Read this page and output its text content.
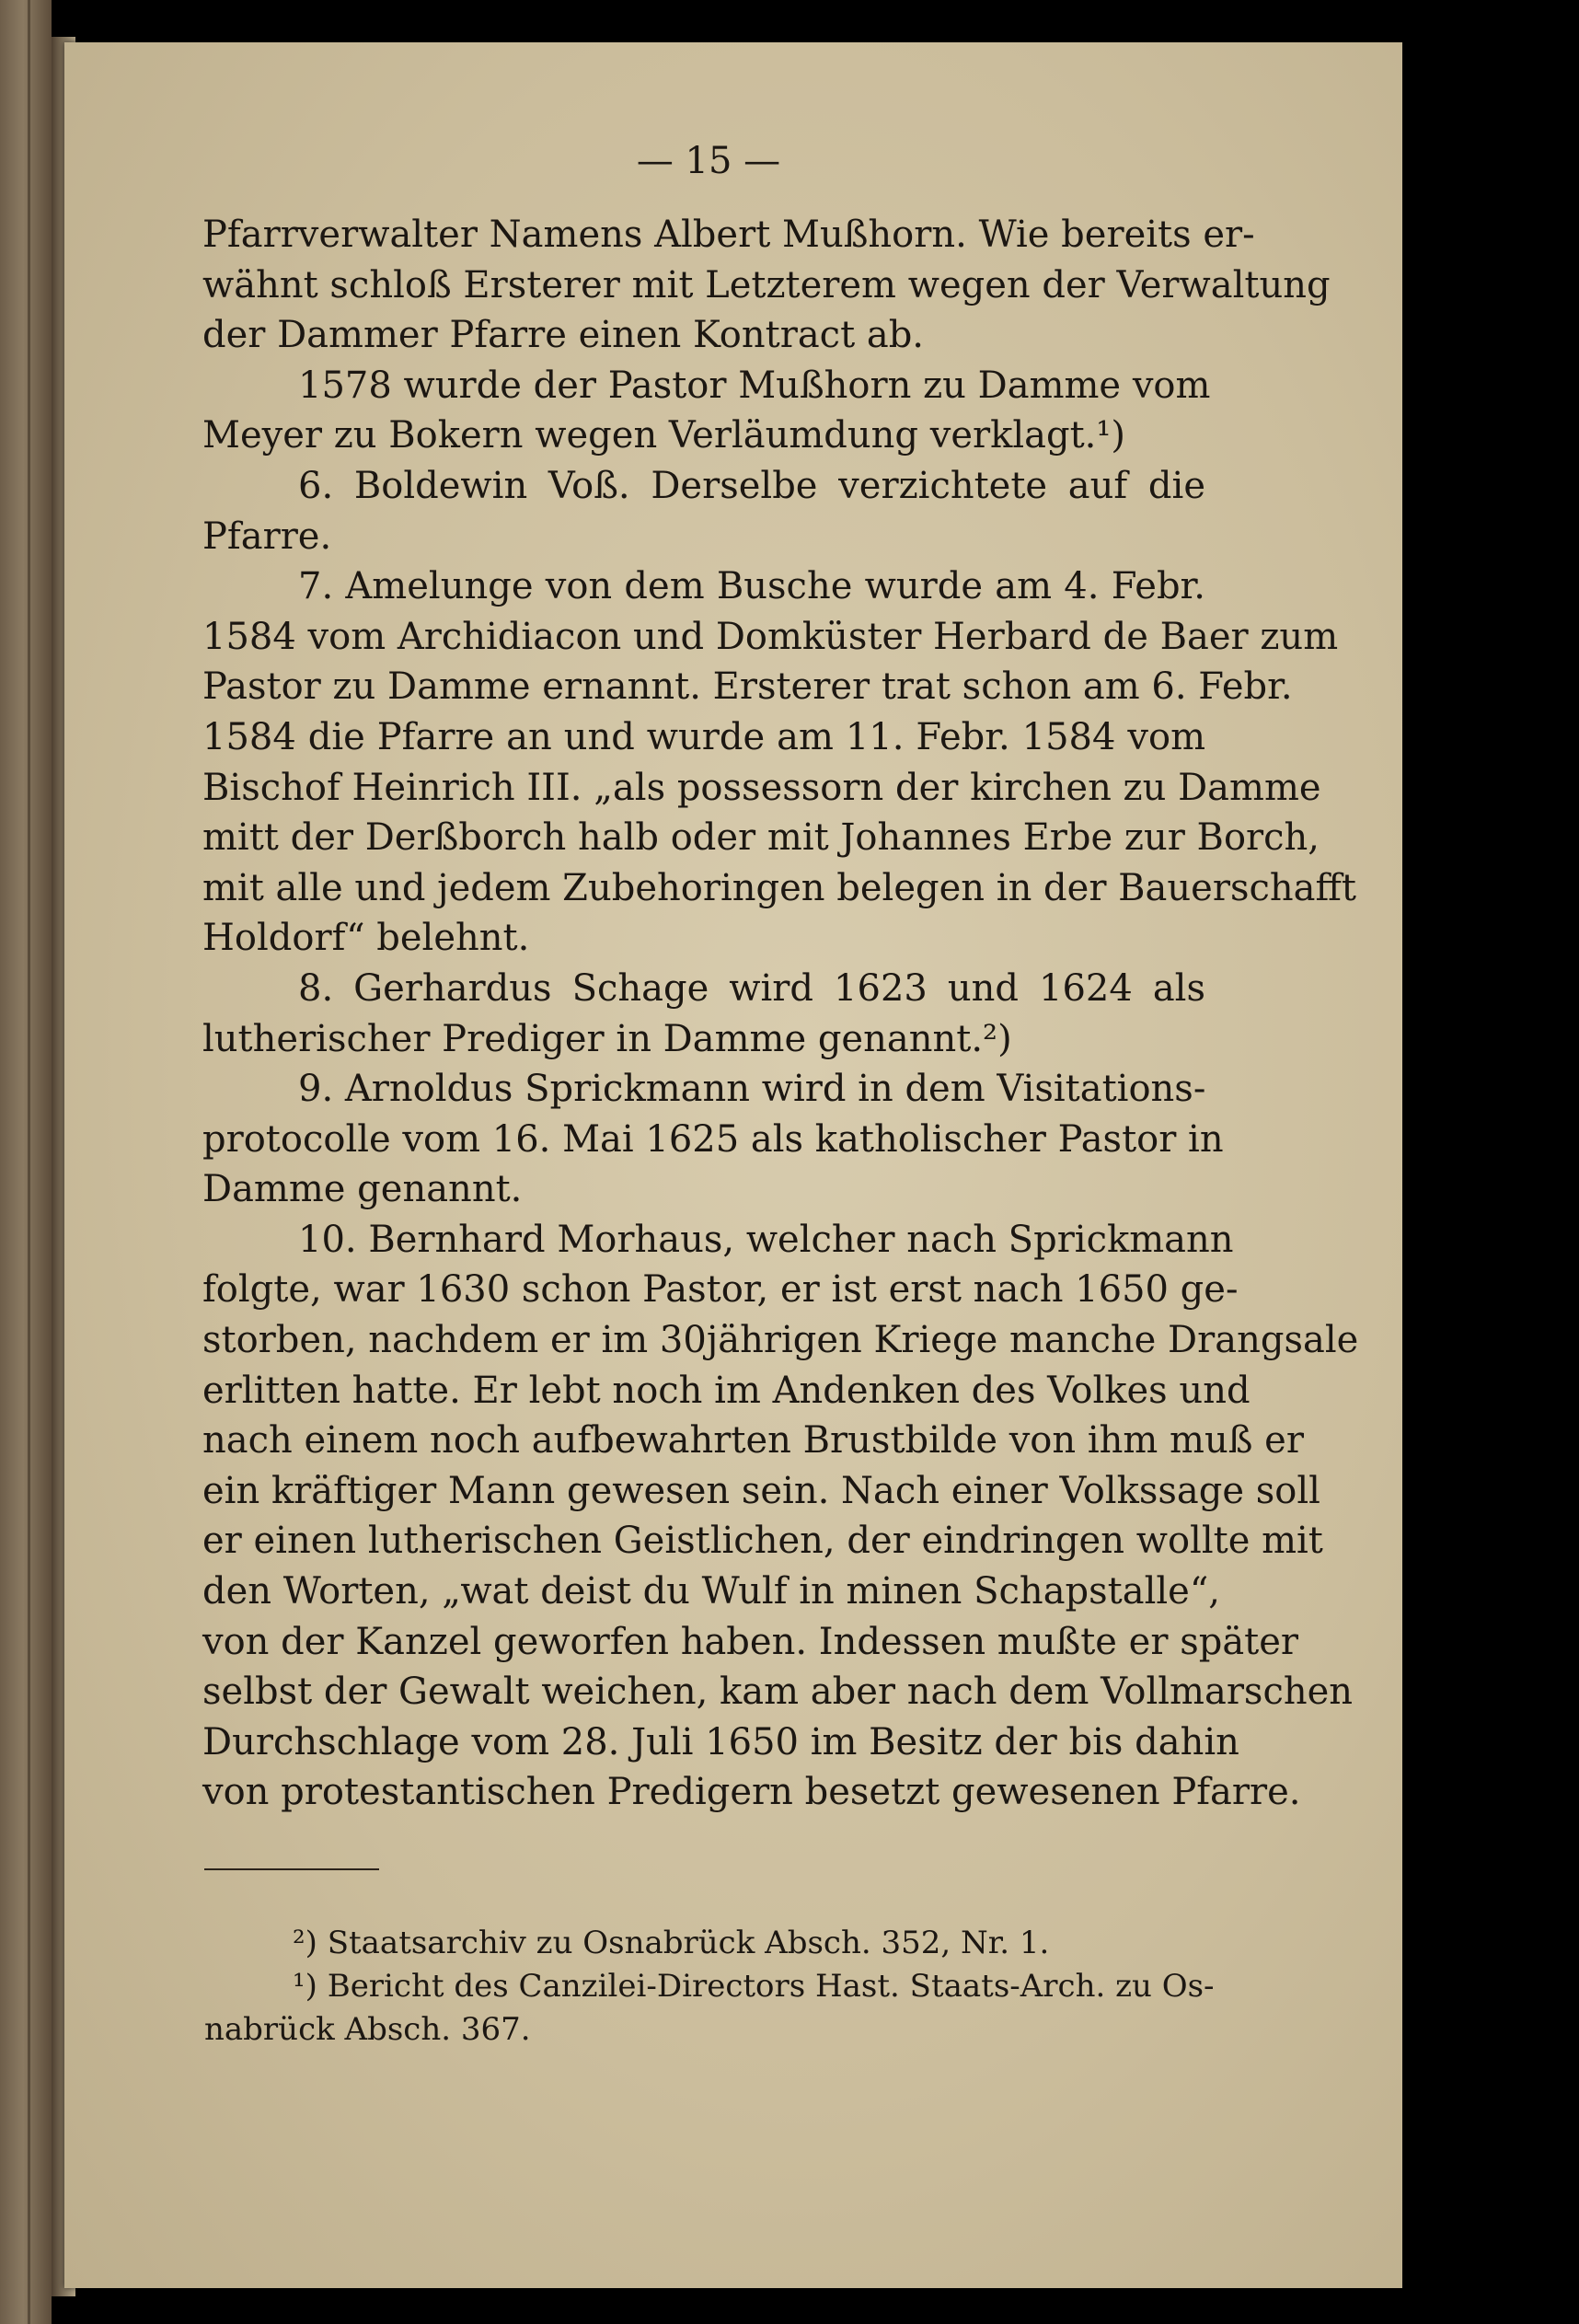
— 15 —
Pfarrverwalter Namens Albert Mußhorn. Wie bereits er-
wähnt schloß Ersterer mit Letzterem wegen der Verwaltung
der Dammer Pfarre einen Kontract ab.
1578 wurde der Pastor Mußhorn zu Damme vom
Meyer zu Bokern wegen Verläumdung verklagt.¹)
6. Boldewin Voß. Derselbe verzichtete auf die
Pfarre.
7. Amelunge von dem Busche wurde am 4. Febr.
1584 vom Archidiacon und Domküster Herbard de Baer zum
Pastor zu Damme ernannt. Ersterer trat schon am 6. Febr.
1584 die Pfarre an und wurde am 11. Febr. 1584 vom
Bischof Heinrich III. „als possessorn der kirchen zu Damme
mitt der Derßborch halb oder mit Johannes Erbe zur Borch,
mit alle und jedem Zubehoringen belegen in der Bauerschafft
Holdorf“ belehnt.
8. Gerhardus Schage wird 1623 und 1624 als
lutherischer Prediger in Damme genannt.²)
9. Arnoldus Sprickmann wird in dem Visitations-
protocolle vom 16. Mai 1625 als katholischer Pastor in
Damme genannt.
10. Bernhard Morhaus, welcher nach Sprickmann
folgte, war 1630 schon Pastor, er ist erst nach 1650 ge-
storben, nachdem er im 30jährigen Kriege manche Drangsale
erlitten hatte. Er lebt noch im Andenken des Volkes und
nach einem noch aufbewahrten Brustbilde von ihm muß er
ein kräftiger Mann gewesen sein. Nach einer Volkssage soll
er einen lutherischen Geistlichen, der eindringen wollte mit
den Worten, „wat deist du Wulf in minen Schapstalle“,
von der Kanzel geworfen haben. Indessen mußte er später
selbst der Gewalt weichen, kam aber nach dem Vollmarschen
Durchschlage vom 28. Juli 1650 im Besitz der bis dahin
von protestantischen Predigern besetzt gewesenen Pfarre.
²) Staatsarchiv zu Osnabrück Absch. 352, Nr. 1.
¹) Bericht des Canzilei-Directors Hast. Staats-Arch. zu Os-
nabrück Absch. 367.
